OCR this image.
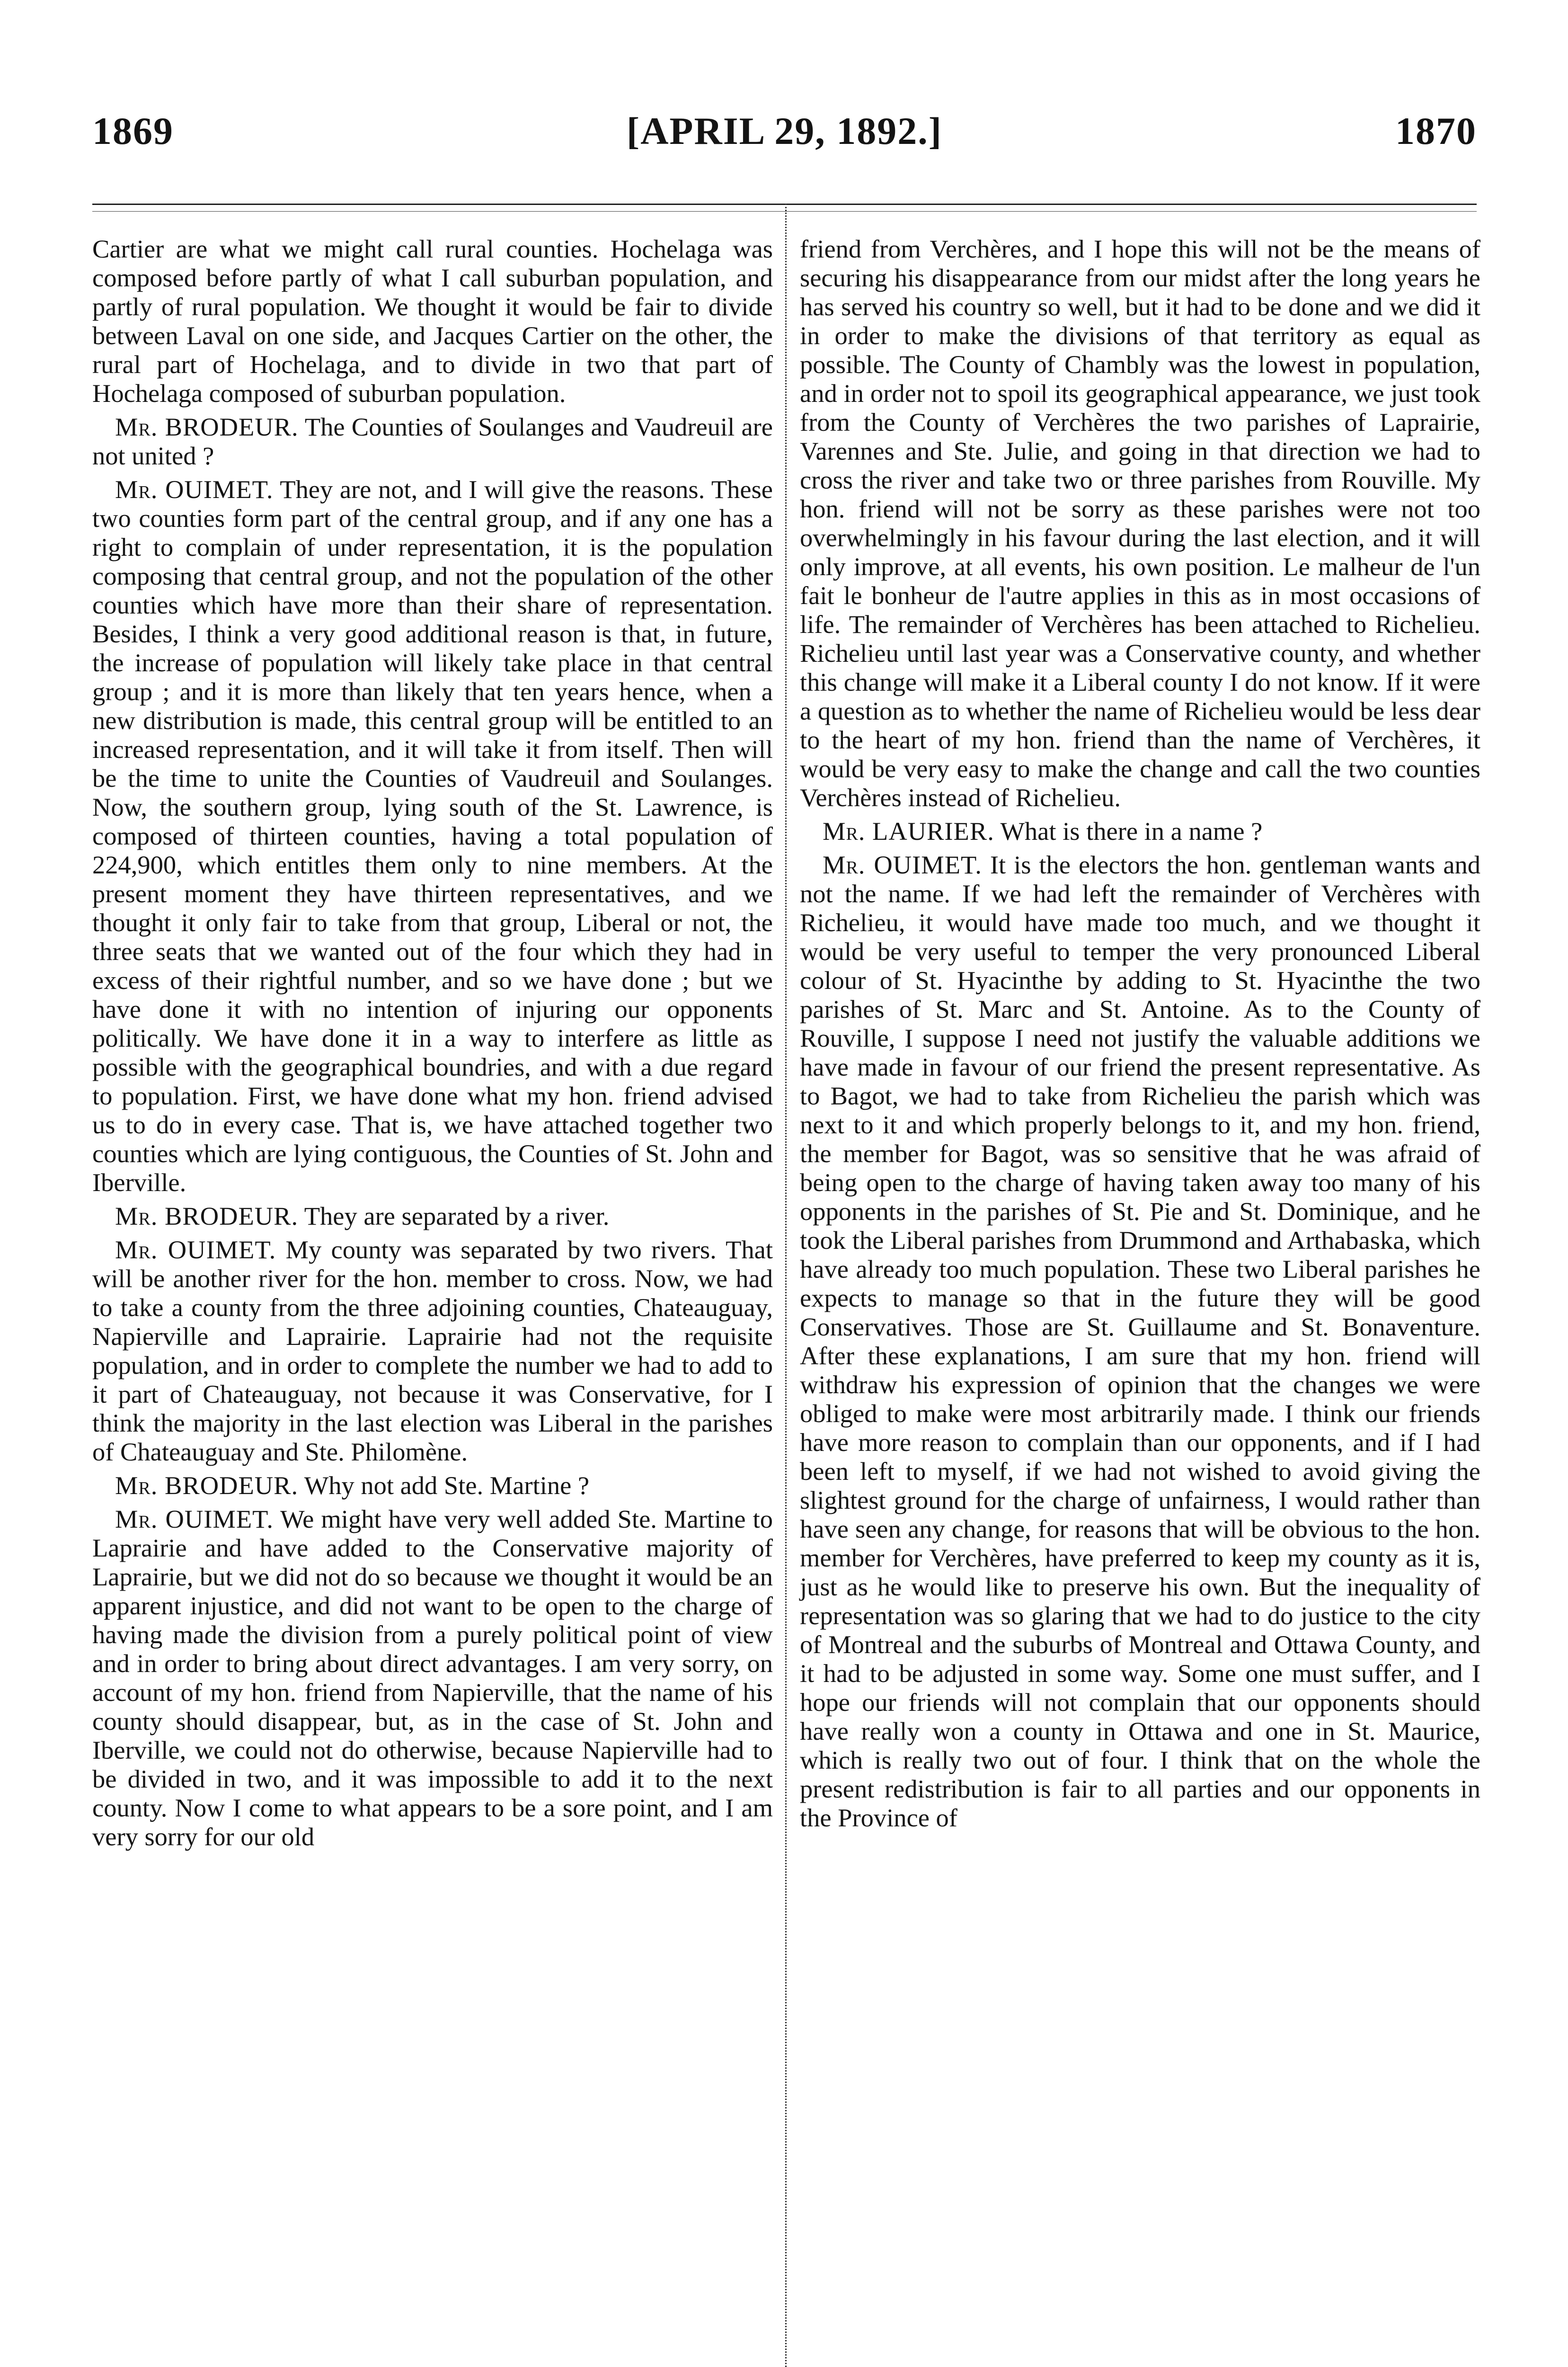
1869	[APRIL 29, 1892.]	1870

Cartier are what we might call rural counties. Hochelaga was composed before partly of what I call suburban population, and partly of rural population. We thought it would be fair to divide between Laval on one side, and Jacques Cartier on the other, the rural part of Hochelaga, and to divide in two that part of Hochelaga composed of suburban population.

Mr. BRODEUR. The Counties of Soulanges and Vaudreuil are not united ?

Mr. OUIMET. They are not, and I will give the reasons. These two counties form part of the central group, and if any one has a right to complain of under representation, it is the population composing that central group, and not the population of the other counties which have more than their share of representation. Besides, I think a very good additional reason is that, in future, the increase of population will likely take place in that central group ; and it is more than likely that ten years hence, when a new distribution is made, this central group will be entitled to an increased representation, and it will take it from itself. Then will be the time to unite the Counties of Vaudreuil and Soulanges. Now, the southern group, lying south of the St. Lawrence, is composed of thirteen counties, having a total population of 224,900, which entitles them only to nine members. At the present moment they have thirteen representatives, and we thought it only fair to take from that group, Liberal or not, the three seats that we wanted out of the four which they had in excess of their rightful number, and so we have done ; but we have done it with no intention of injuring our opponents politically. We have done it in a way to interfere as little as possible with the geographical boundries, and with a due regard to population. First, we have done what my hon. friend advised us to do in every case. That is, we have attached together two counties which are lying contiguous, the Counties of St. John and Iberville.

Mr. BRODEUR. They are separated by a river.

Mr. OUIMET. My county was separated by two rivers. That will be another river for the hon. member to cross. Now, we had to take a county from the three adjoining counties, Chateauguay, Napierville and Laprairie. Laprairie had not the requisite population, and in order to complete the number we had to add to it part of Chateauguay, not because it was Conservative, for I think the majority in the last election was Liberal in the parishes of Chateauguay and Ste. Philomène.

Mr. BRODEUR. Why not add Ste. Martine ?

Mr. OUIMET. We might have very well added Ste. Martine to Laprairie and have added to the Conservative majority of Laprairie, but we did not do so because we thought it would be an apparent injustice, and did not want to be open to the charge of having made the division from a purely political point of view and in order to bring about direct advantages. I am very sorry, on account of my hon. friend from Napierville, that the name of his county should disappear, but, as in the case of St. John and Iberville, we could not do otherwise, because Napierville had to be divided in two, and it was impossible to add it to the next county. Now I come to what appears to be a sore point, and I am very sorry for our old

friend from Verchères, and I hope this will not be the means of securing his disappearance from our midst after the long years he has served his country so well, but it had to be done and we did it in order to make the divisions of that territory as equal as possible. The County of Chambly was the lowest in population, and in order not to spoil its geographical appearance, we just took from the County of Verchères the two parishes of Laprairie, Varennes and Ste. Julie, and going in that direction we had to cross the river and take two or three parishes from Rouville. My hon. friend will not be sorry as these parishes were not too overwhelmingly in his favour during the last election, and it will only improve, at all events, his own position. Le malheur de l'un fait le bonheur de l'autre applies in this as in most occasions of life. The remainder of Verchères has been attached to Richelieu. Richelieu until last year was a Conservative county, and whether this change will make it a Liberal county I do not know. If it were a question as to whether the name of Richelieu would be less dear to the heart of my hon. friend than the name of Verchères, it would be very easy to make the change and call the two counties Verchères instead of Richelieu.

Mr. LAURIER. What is there in a name ?

Mr. OUIMET. It is the electors the hon. gentleman wants and not the name. If we had left the remainder of Verchères with Richelieu, it would have made too much, and we thought it would be very useful to temper the very pronounced Liberal colour of St. Hyacinthe by adding to St. Hyacinthe the two parishes of St. Marc and St. Antoine. As to the County of Rouville, I suppose I need not justify the valuable additions we have made in favour of our friend the present representative. As to Bagot, we had to take from Richelieu the parish which was next to it and which properly belongs to it, and my hon. friend, the member for Bagot, was so sensitive that he was afraid of being open to the charge of having taken away too many of his opponents in the parishes of St. Pie and St. Dominique, and he took the Liberal parishes from Drummond and Arthabaska, which have already too much population. These two Liberal parishes he expects to manage so that in the future they will be good Conservatives. Those are St. Guillaume and St. Bonaventure. After these explanations, I am sure that my hon. friend will withdraw his expression of opinion that the changes we were obliged to make were most arbitrarily made. I think our friends have more reason to complain than our opponents, and if I had been left to myself, if we had not wished to avoid giving the slightest ground for the charge of unfairness, I would rather than have seen any change, for reasons that will be obvious to the hon. member for Verchères, have preferred to keep my county as it is, just as he would like to preserve his own. But the inequality of representation was so glaring that we had to do justice to the city of Montreal and the suburbs of Montreal and Ottawa County, and it had to be adjusted in some way. Some one must suffer, and I hope our friends will not complain that our opponents should have really won a county in Ottawa and one in St. Maurice, which is really two out of four. I think that on the whole the present redistribution is fair to all parties and our opponents in the Province of
